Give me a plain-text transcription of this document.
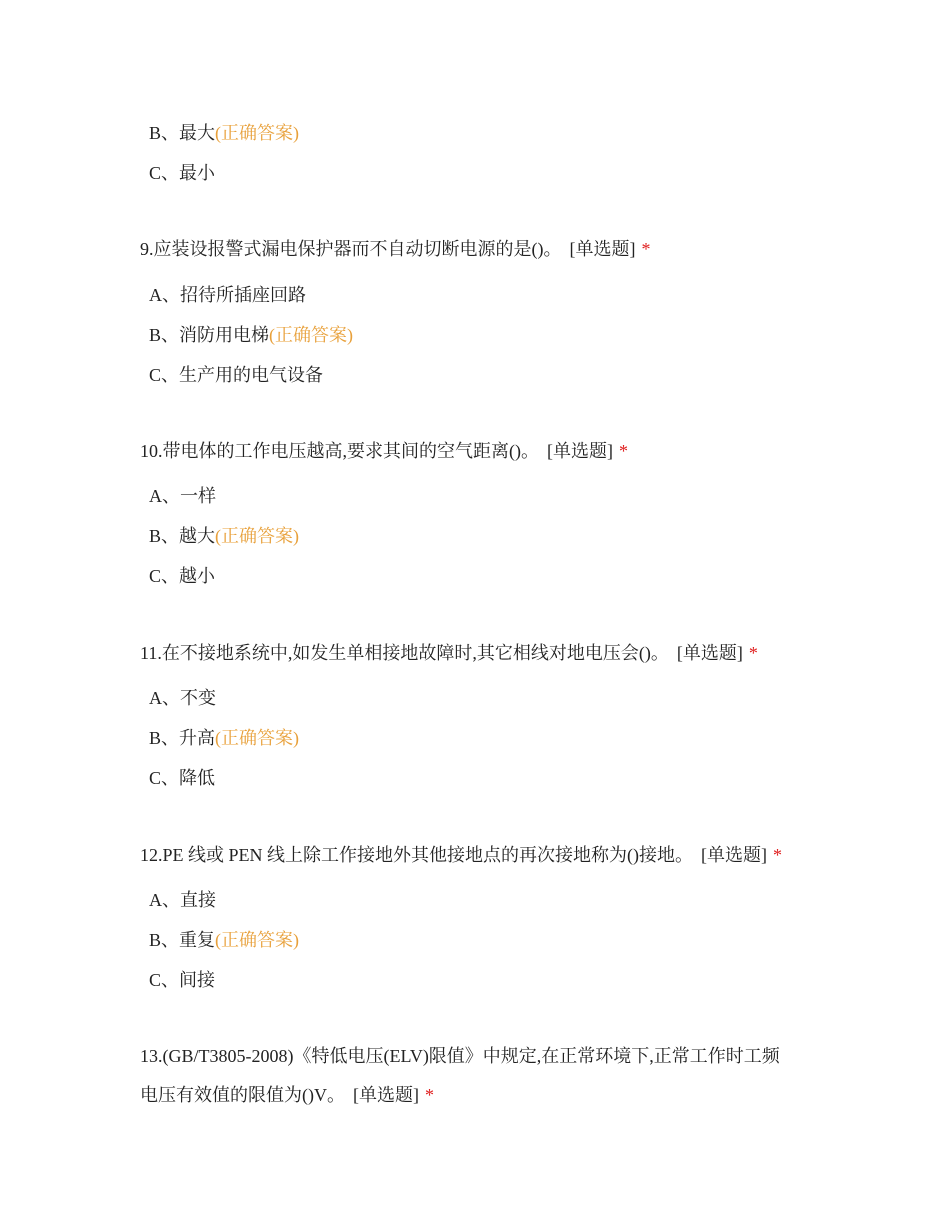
B、最大(正确答案)
C、最小
9.应装设报警式漏电保护器而不自动切断电源的是()。 [单选题] *
A、招待所插座回路
B、消防用电梯(正确答案)
C、生产用的电气设备
10.带电体的工作电压越高,要求其间的空气距离()。 [单选题] *
A、一样
B、越大(正确答案)
C、越小
11.在不接地系统中,如发生单相接地故障时,其它相线对地电压会()。 [单选题] *
A、不变
B、升高(正确答案)
C、降低
12.PE 线或 PEN 线上除工作接地外其他接地点的再次接地称为()接地。 [单选题] *
A、直接
B、重复(正确答案)
C、间接
13.(GB/T3805-2008)《特低电压(ELV)限值》中规定,在正常环境下,正常工作时工频
电压有效值的限值为()V。 [单选题] *
